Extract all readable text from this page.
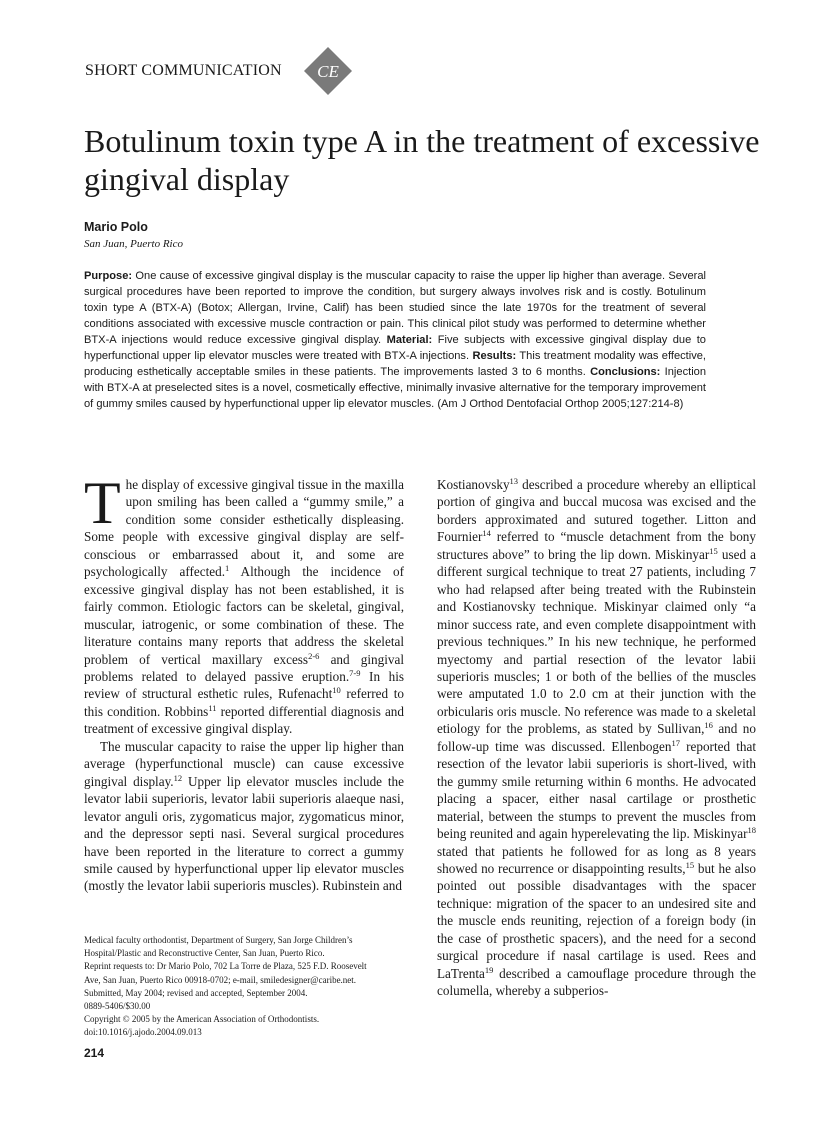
SHORT COMMUNICATION CE
Botulinum toxin type A in the treatment of excessive gingival display
Mario Polo
San Juan, Puerto Rico

Purpose: One cause of excessive gingival display is the muscular capacity to raise the upper lip higher than average. Several surgical procedures have been reported to improve the condition, but surgery always involves risk and is costly. Botulinum toxin type A (BTX-A) (Botox; Allergan, Irvine, Calif) has been studied since the late 1970s for the treatment of several conditions associated with excessive muscle contraction or pain. This clinical pilot study was performed to determine whether BTX-A injections would reduce excessive gingival display. Material: Five subjects with excessive gingival display due to hyperfunctional upper lip elevator muscles were treated with BTX-A injections. Results: This treatment modality was effective, producing esthetically acceptable smiles in these patients. The improvements lasted 3 to 6 months. Conclusions: Injection with BTX-A at preselected sites is a novel, cosmetically effective, minimally invasive alternative for the temporary improvement of gummy smiles caused by hyperfunctional upper lip elevator muscles. (Am J Orthod Dentofacial Orthop 2005;127:214-8)

The display of excessive gingival tissue in the maxilla upon smiling has been called a “gummy smile,” a condition some consider esthetically displeasing. Some people with excessive gingival display are self-conscious or embarrassed about it, and some are psychologically affected.$^1$ Although the incidence of excessive gingival display has not been established, it is fairly common. Etiologic factors can be skeletal, gingival, muscular, iatrogenic, or some combination of these. The literature contains many reports that address the skeletal problem of vertical maxillary excess$^{2-6}$ and gingival problems related to delayed passive eruption.$^{7-9}$ In his review of structural esthetic rules, Rufenacht$^{10}$ referred to this condition. Robbins$^{11}$ reported differential diagnosis and treatment of excessive gingival display.

The muscular capacity to raise the upper lip higher than average (hyperfunctional muscle) can cause excessive gingival display.$^{12}$ Upper lip elevator muscles include the levator labii superioris, levator labii superioris alaeque nasi, levator anguli oris, zygomaticus major, zygomaticus minor, and the depressor septi nasi. Several surgical procedures have been reported in the literature to correct a gummy smile caused by hyperfunctional upper lip elevator muscles (mostly the levator labii superioris muscles). Rubinstein and

Kostianovsky$^{13}$ described a procedure whereby an elliptical portion of gingiva and buccal mucosa was excised and the borders approximated and sutured together. Litton and Fournier$^{14}$ referred to “muscle detachment from the bony structures above” to bring the lip down. Miskinyar$^{15}$ used a different surgical technique to treat 27 patients, including 7 who had relapsed after being treated with the Rubinstein and Kostianovsky technique. Miskinyar claimed only “a minor success rate, and even complete disappointment with previous techniques.” In his new technique, he performed myectomy and partial resection of the levator labii superioris muscles; 1 or both of the bellies of the muscles were amputated 1.0 to 2.0 cm at their junction with the orbicularis oris muscle. No reference was made to a skeletal etiology for the problems, as stated by Sullivan,$^{16}$ and no follow-up time was discussed. Ellenbogen$^{17}$ reported that resection of the levator labii superioris is short-lived, with the gummy smile returning within 6 months. He advocated placing a spacer, either nasal cartilage or prosthetic material, between the stumps to prevent the muscles from being reunited and again hyperelevating the lip. Miskinyar$^{18}$ stated that patients he followed for as long as 8 years showed no recurrence or disappointing results,$^{15}$ but he also pointed out possible disadvantages with the spacer technique: migration of the spacer to an undesired site and the muscle ends reuniting, rejection of a foreign body (in the case of prosthetic spacers), and the need for a second surgical procedure if nasal cartilage is used. Rees and LaTrenta$^{19}$ described a camouflage procedure through the columella, whereby a subperios-

Medical faculty orthodontist, Department of Surgery, San Jorge Children’s
Hospital/Plastic and Reconstructive Center, San Juan, Puerto Rico.
Reprint requests to: Dr Mario Polo, 702 La Torre de Plaza, 525 F.D. Roosevelt
Ave, San Juan, Puerto Rico 00918-0702; e-mail, smiledesigner@caribe.net.
Submitted, May 2004; revised and accepted, September 2004.
0889-5406/$30.00
Copyright © 2005 by the American Association of Orthodontists.
doi:10.1016/j.ajodo.2004.09.013
214
